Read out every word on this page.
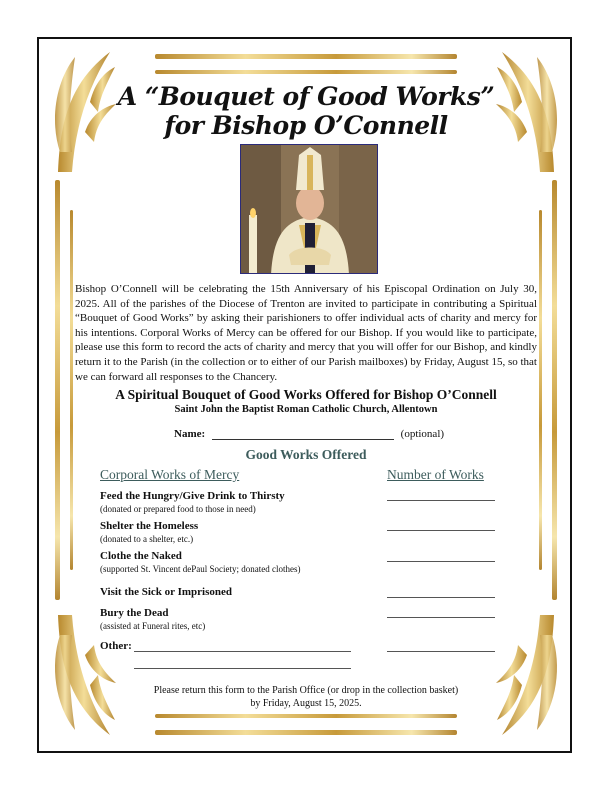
A “Bouquet of Good Works”
for Bishop O’Connell
Bishop O’Connell will be celebrating the 15th Anniversary of his Episcopal Ordination on July 30, 2025. All of the parishes of the Diocese of Trenton are invited to participate in contributing a Spiritual “Bouquet of Good Works” by asking their parishioners to offer individual acts of charity and mercy for his intentions. Corporal Works of Mercy can be offered for our Bishop. If you would like to participate, please use this form to record the acts of charity and mercy that you will offer for our Bishop, and kindly return it to the Parish (in the collection or to either of our Parish mailboxes) by Friday, August 15, so that we can forward all responses to the Chancery.
A Spiritual Bouquet of Good Works Offered for Bishop O’Connell
Saint John the Baptist Roman Catholic Church, Allentown
Name:	(optional)
Good Works Offered
Corporal Works of Mercy	Number of Works
Feed the Hungry/Give Drink to Thirsty
(donated or prepared food to those in need)
Shelter the Homeless
(donated to a shelter, etc.)
Clothe the Naked
(supported St. Vincent dePaul Society; donated clothes)
Visit the Sick or Imprisoned
Bury the Dead
(assisted at Funeral rites, etc)
Other:
Please return this form to the Parish Office (or drop in the collection basket)
by Friday, August 15, 2025.
